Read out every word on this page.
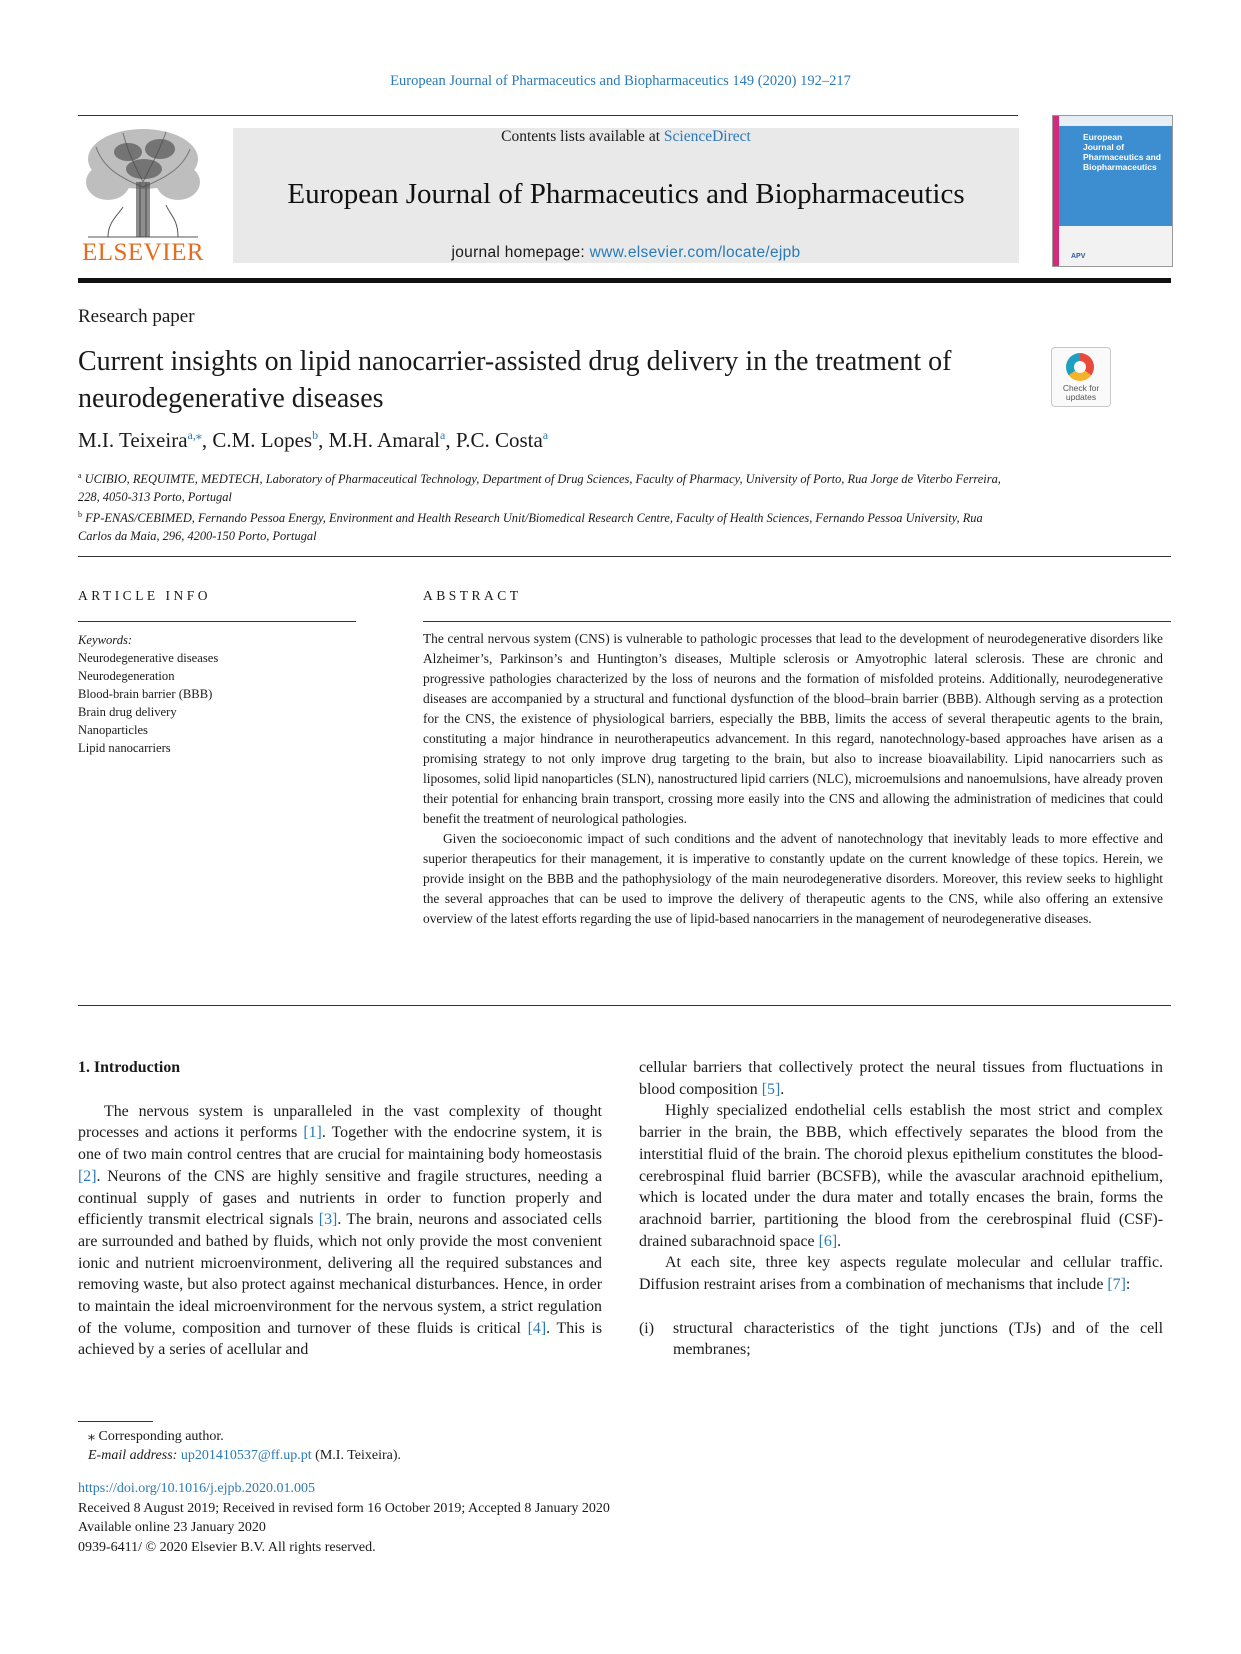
European Journal of Pharmaceutics and Biopharmaceutics 149 (2020) 192–217
ELSEVIER
Contents lists available at ScienceDirect
European Journal of Pharmaceutics and Biopharmaceutics
journal homepage: www.elsevier.com/locate/ejpb
European
Journal of
Pharmaceutics and
Biopharmaceutics
APV
Research paper
Current insights on lipid nanocarrier-assisted drug delivery in the treatment of neurodegenerative diseases	Check for
updates
M.I. Teixeira$^{a,⁎}$, C.M. Lopes$^b$, M.H. Amaral$^a$, P.C. Costa$^a$
$^a$ UCIBIO, REQUIMTE, MEDTECH, Laboratory of Pharmaceutical Technology, Department of Drug Sciences, Faculty of Pharmacy, University of Porto, Rua Jorge de Viterbo Ferreira, 228, 4050-313 Porto, Portugal
$^b$ FP-ENAS/CEBIMED, Fernando Pessoa Energy, Environment and Health Research Unit/Biomedical Research Centre, Faculty of Health Sciences, Fernando Pessoa University, Rua Carlos da Maia, 296, 4200-150 Porto, Portugal
ARTICLE INFO	ABSTRACT
Keywords:
Neurodegenerative diseases
Neurodegeneration
Blood-brain barrier (BBB)
Brain drug delivery
Nanoparticles
Lipid nanocarriers

The central nervous system (CNS) is vulnerable to pathologic processes that lead to the development of neurodegenerative disorders like Alzheimer’s, Parkinson’s and Huntington’s diseases, Multiple sclerosis or Amyotrophic lateral sclerosis. These are chronic and progressive pathologies characterized by the loss of neurons and the formation of misfolded proteins. Additionally, neurodegenerative diseases are accompanied by a structural and functional dysfunction of the blood–brain barrier (BBB). Although serving as a protection for the CNS, the existence of physiological barriers, especially the BBB, limits the access of several therapeutic agents to the brain, constituting a major hindrance in neurotherapeutics advancement. In this regard, nanotechnology-based approaches have arisen as a promising strategy to not only improve drug targeting to the brain, but also to increase bioavailability. Lipid nanocarriers such as liposomes, solid lipid nanoparticles (SLN), nanostructured lipid carriers (NLC), microemulsions and nanoemulsions, have already proven their potential for enhancing brain transport, crossing more easily into the CNS and allowing the administration of medicines that could benefit the treatment of neurological pathologies.

Given the socioeconomic impact of such conditions and the advent of nanotechnology that inevitably leads to more effective and superior therapeutics for their management, it is imperative to constantly update on the current knowledge of these topics. Herein, we provide insight on the BBB and the pathophysiology of the main neurodegenerative disorders. Moreover, this review seeks to highlight the several approaches that can be used to improve the delivery of therapeutic agents to the CNS, while also offering an extensive overview of the latest efforts regarding the use of lipid-based nanocarriers in the management of neurodegenerative diseases.

1. Introduction

The nervous system is unparalleled in the vast complexity of thought processes and actions it performs [1]. Together with the endocrine system, it is one of two main control centres that are crucial for maintaining body homeostasis [2]. Neurons of the CNS are highly sensitive and fragile structures, needing a continual supply of gases and nutrients in order to function properly and efficiently transmit electrical signals [3]. The brain, neurons and associated cells are surrounded and bathed by fluids, which not only provide the most convenient ionic and nutrient microenvironment, delivering all the required substances and removing waste, but also protect against mechanical disturbances. Hence, in order to maintain the ideal microenvironment for the nervous system, a strict regulation of the volume, composition and turnover of these fluids is critical [4]. This is achieved by a series of acellular and

cellular barriers that collectively protect the neural tissues from fluctuations in blood composition [5].

Highly specialized endothelial cells establish the most strict and complex barrier in the brain, the BBB, which effectively separates the blood from the interstitial fluid of the brain. The choroid plexus epithelium constitutes the blood-cerebrospinal fluid barrier (BCSFB), while the avascular arachnoid epithelium, which is located under the dura mater and totally encases the brain, forms the arachnoid barrier, partitioning the blood from the cerebrospinal fluid (CSF)-drained subarachnoid space [6].

At each site, three key aspects regulate molecular and cellular traffic. Diffusion restraint arises from a combination of mechanisms that include [7]:

(i)	structural characteristics of the tight junctions (TJs) and of the cell membranes;
⁎ Corresponding author.
E-mail address: up201410537@ff.up.pt (M.I. Teixeira).
https://doi.org/10.1016/j.ejpb.2020.01.005
Received 8 August 2019; Received in revised form 16 October 2019; Accepted 8 January 2020
Available online 23 January 2020
0939-6411/ © 2020 Elsevier B.V. All rights reserved.
